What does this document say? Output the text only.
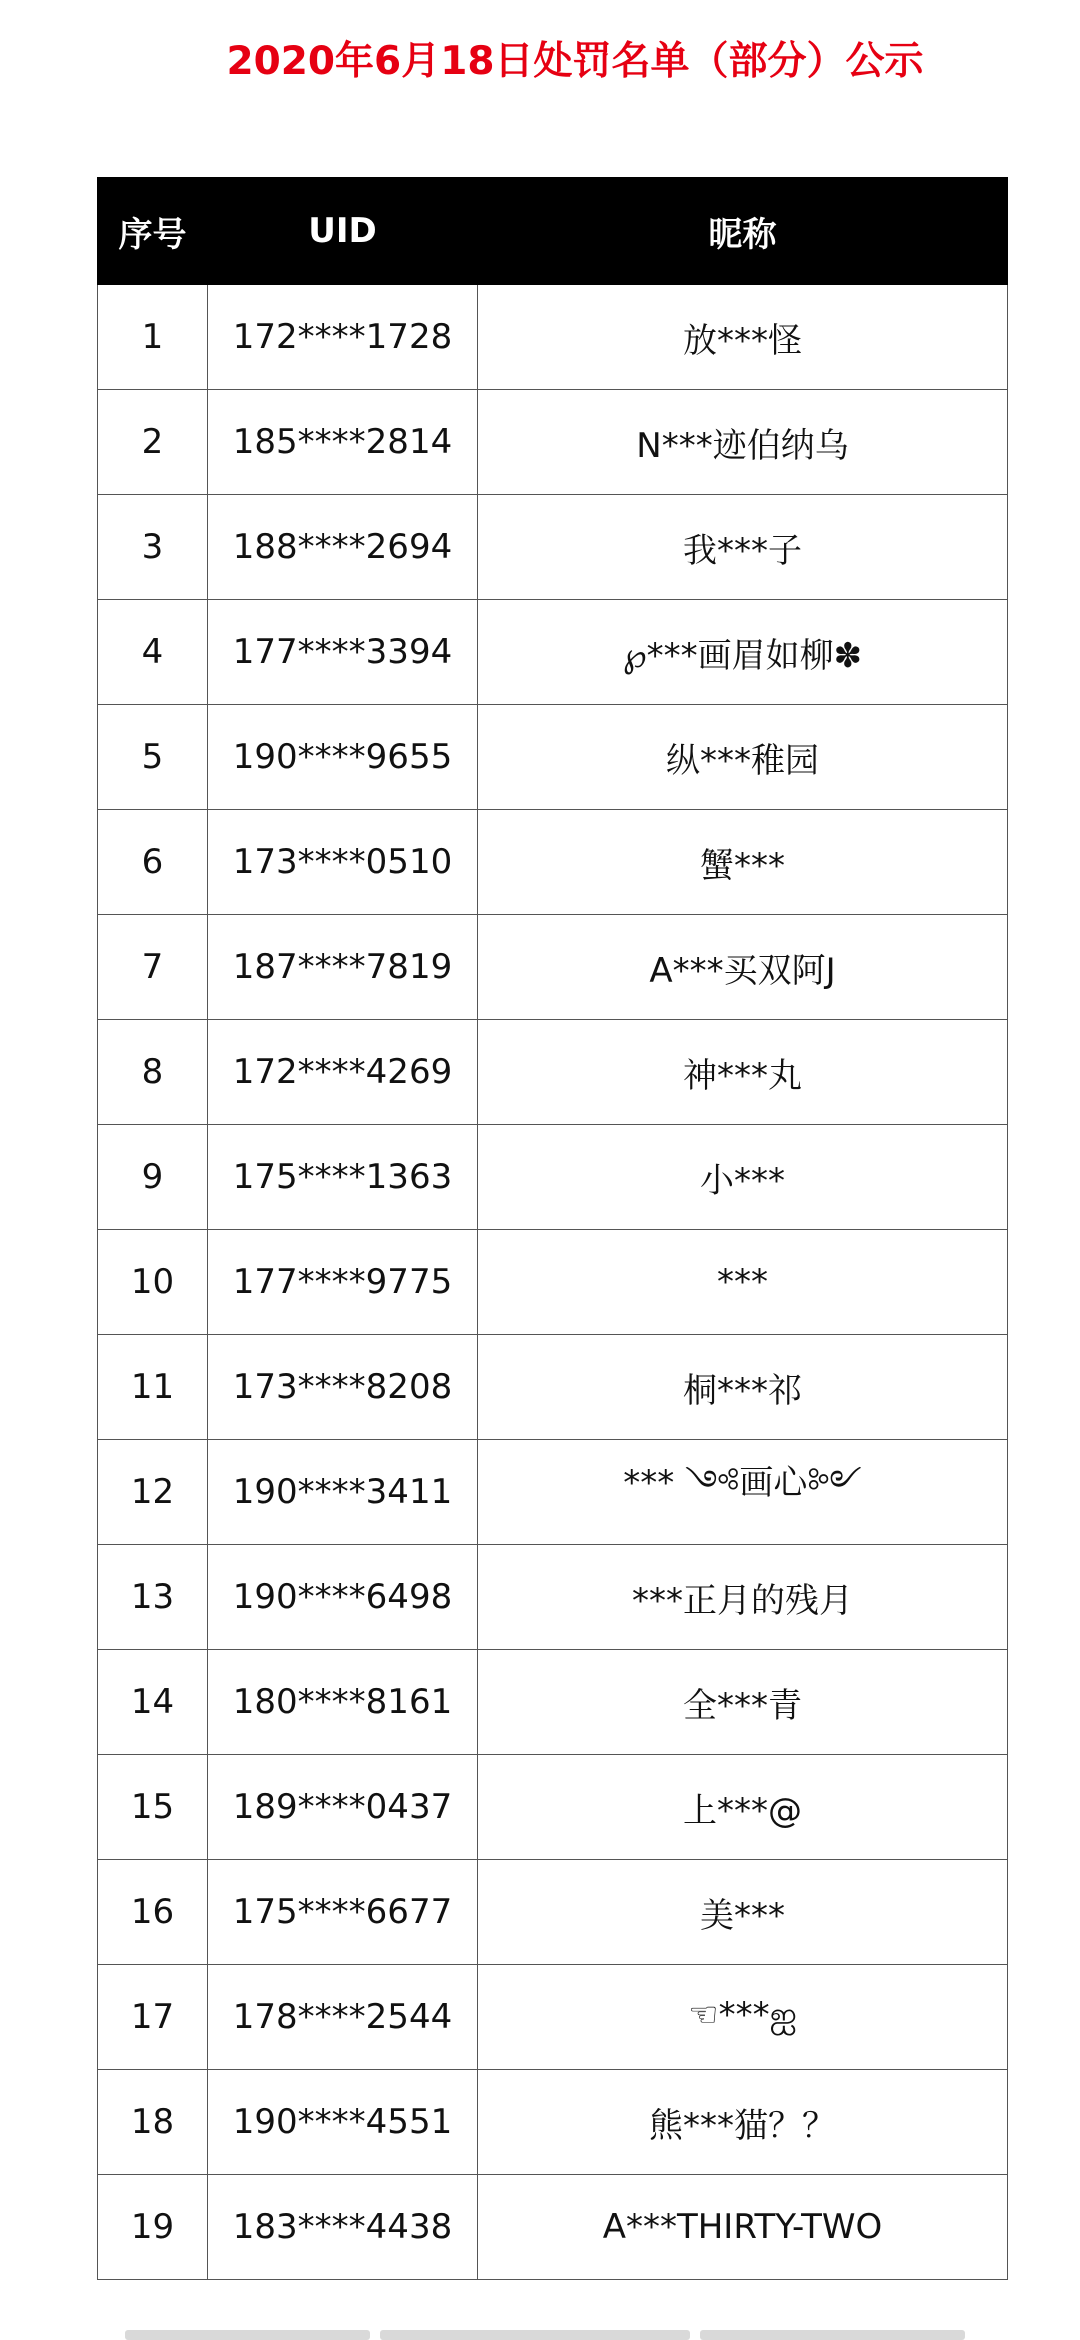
2020年6月18日处罚名单（部分）公示
序号	UID	昵称
1	172****1728	放***怪
2	185****2814	N***迹伯纳乌
3	188****2694	我***子
4	177****3394	℘***画眉如柳✽
5	190****9655	纵***稚园
6	173****0510	蟹***
7	187****7819	A***买双阿J
8	172****4269	神***丸
9	175****1363	小***
10	177****9775	***
11	173****8208	桐***祁
12	190****3411	*** ༺画心༻
13	190****6498	***正月的残月
14	180****8161	全***青
15	189****0437	上***@
16	175****6677	美***
17	178****2544	☜***ஐ
18	190****4551	熊***猫？？
19	183****4438	A***THIRTY-TWO
